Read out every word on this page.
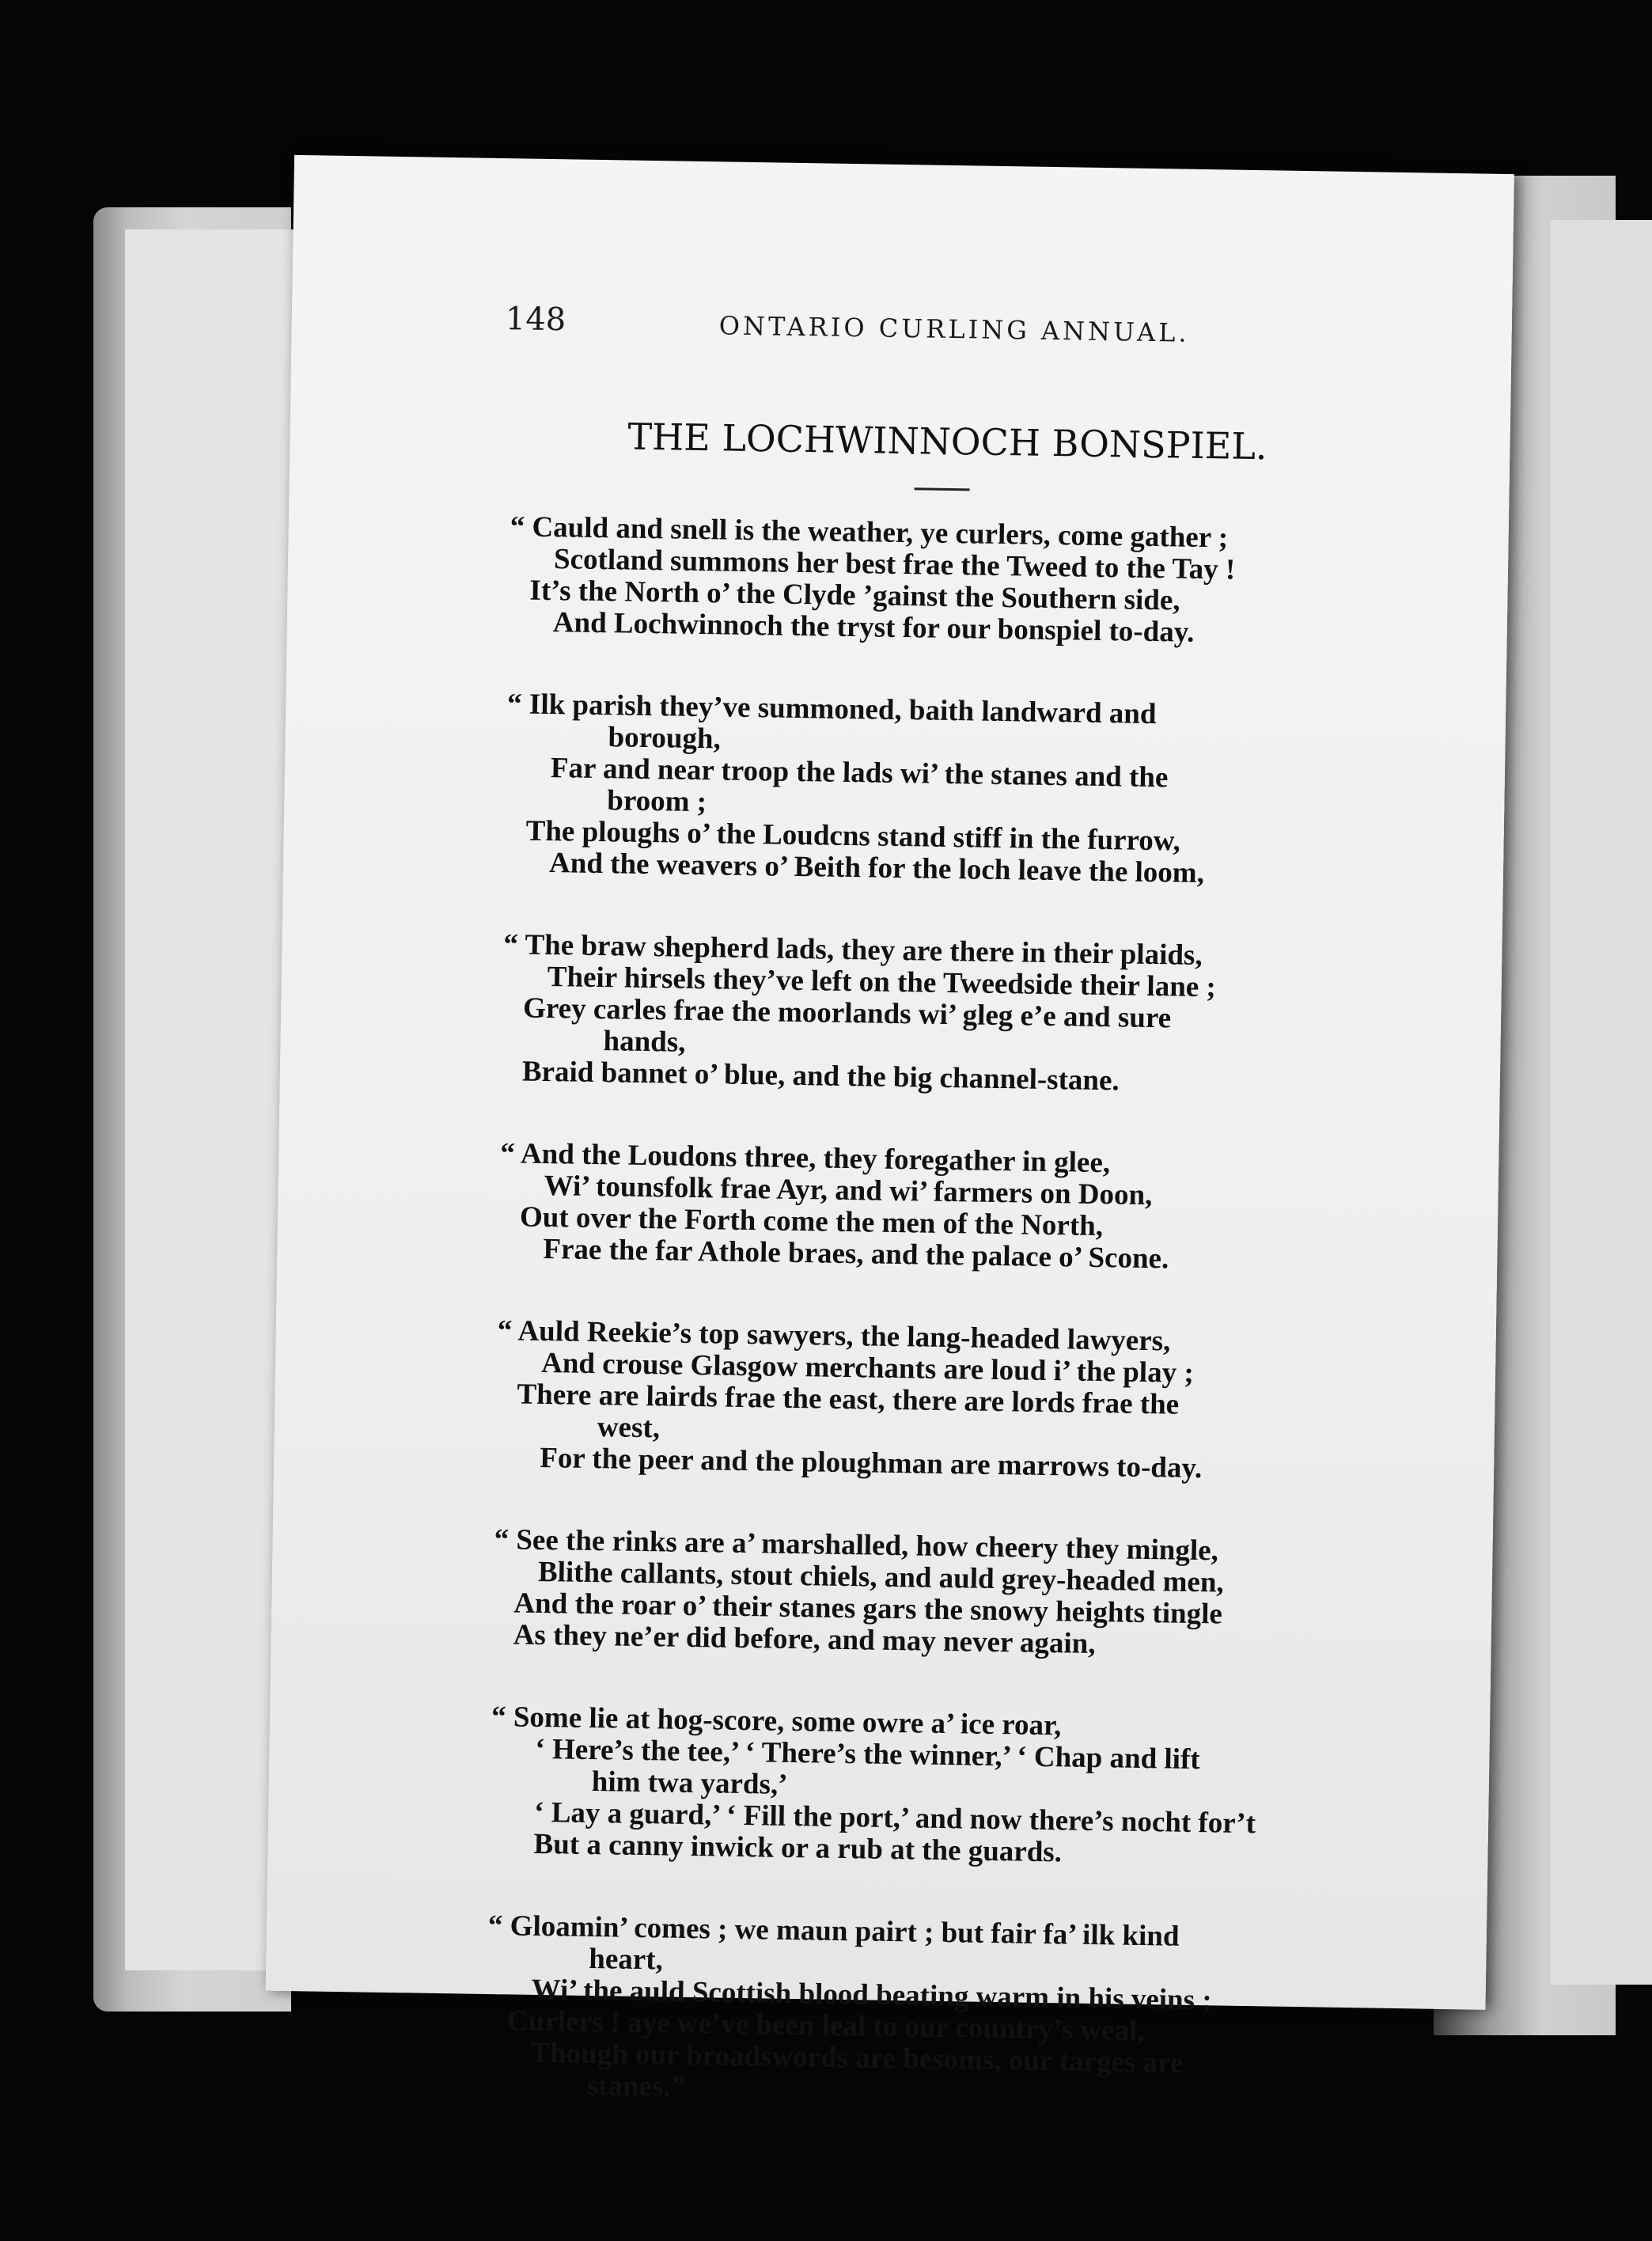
148	ONTARIO CURLING ANNUAL.
THE LOCHWINNOCH BONSPIEL.
“ Cauld and snell is the weather, ye curlers, come gather ;
Scotland summons her best frae the Tweed to the Tay !
It’s the North o’ the Clyde ’gainst the Southern side,
And Lochwinnoch the tryst for our bonspiel to-day.
“ Ilk parish they’ve summoned, baith landward and
borough,
Far and near troop the lads wi’ the stanes and the
broom ;
The ploughs o’ the Loudcns stand stiff in the furrow,
And the weavers o’ Beith for the loch leave the loom,
“ The braw shepherd lads, they are there in their plaids,
Their hirsels they’ve left on the Tweedside their lane ;
Grey carles frae the moorlands wi’ gleg e’e and sure
hands,
Braid bannet o’ blue, and the big channel-stane.
“ And the Loudons three, they foregather in glee,
Wi’ tounsfolk frae Ayr, and wi’ farmers on Doon,
Out over the Forth come the men of the North,
Frae the far Athole braes, and the palace o’ Scone.
“ Auld Reekie’s top sawyers, the lang-headed lawyers,
And crouse Glasgow merchants are loud i’ the play ;
There are lairds frae the east, there are lords frae the
west,
For the peer and the ploughman are marrows to-day.
“ See the rinks are a’ marshalled, how cheery they mingle,
Blithe callants, stout chiels, and auld grey-headed men,
And the roar o’ their stanes gars the snowy heights tingle
As they ne’er did before, and may never again,
“ Some lie at hog-score, some owre a’ ice roar,
‘ Here’s the tee,’ ‘ There’s the winner,’ ‘ Chap and lift
him twa yards,’
‘ Lay a guard,’ ‘ Fill the port,’ and now there’s nocht for’t
But a canny inwick or a rub at the guards.
“ Gloamin’ comes ; we maun pairt ; but fair fa’ ilk kind
heart,
Wi’ the auld Scottish blood beating warm in his veins ;
Curlers ! aye we’ve been leal to our country’s weal,
Though our broadswords are besoms, our targes are
stanes.”
